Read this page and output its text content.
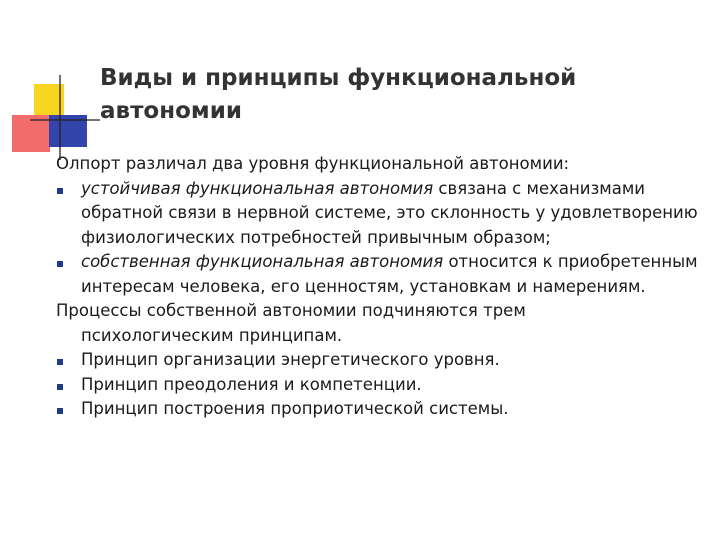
Виды и принципы функциональной
автономии

Олпорт различал два уровня функциональной автономии:

устойчивая функциональная автономия связана с механизмами обратной связи в нервной системе, это склонность у удовлетворению физиологических потребностей привычным образом;
собственная функциональная автономия относится к приобретенным интересам человека, его ценностям, установкам и намерениям.

Процессы собственной автономии подчиняются трем
психологическим принципам.

Принцип организации энергетического уровня.
Принцип преодоления и компетенции.
Принцип построения проприотической системы.
